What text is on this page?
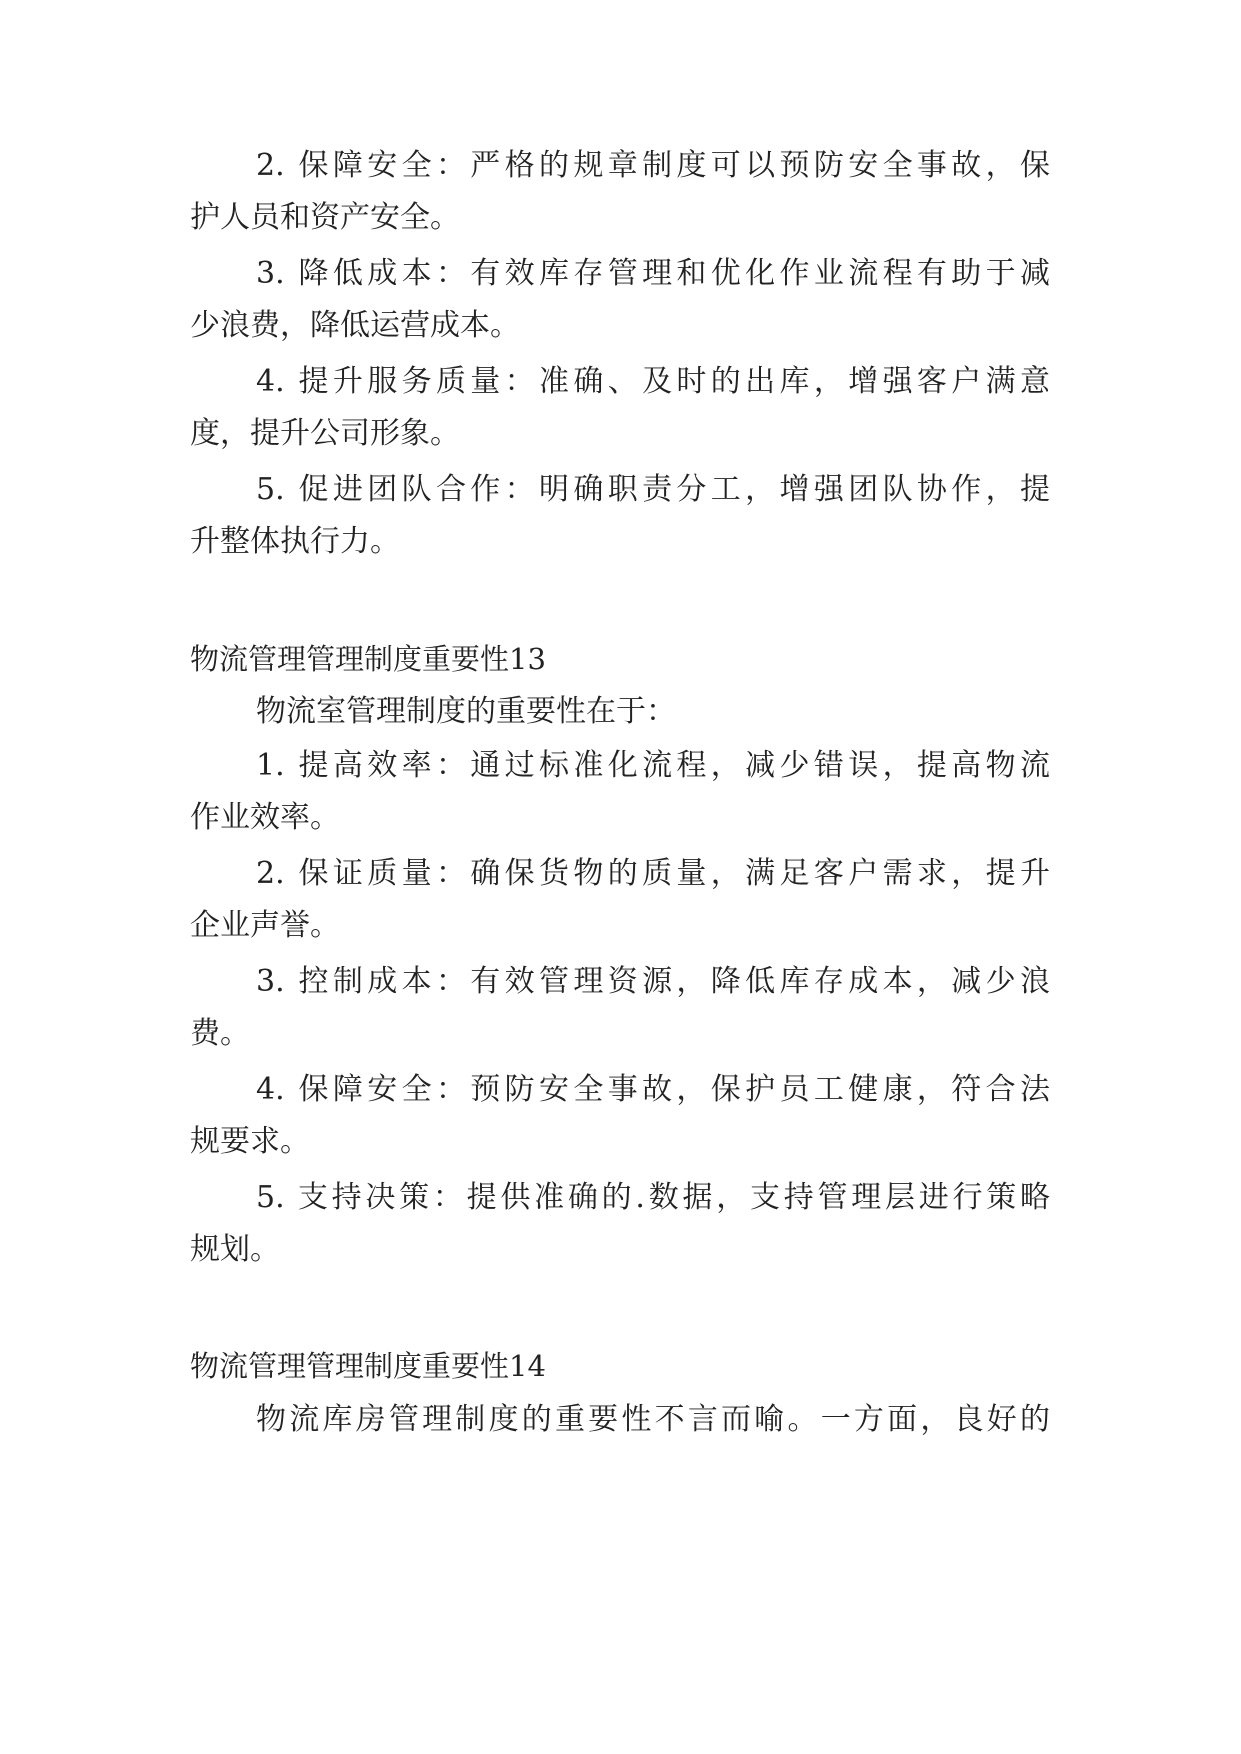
2. 保障安全：严格的规章制度可以预防安全事故，保
护人员和资产安全。
3. 降低成本：有效库存管理和优化作业流程有助于减
少浪费，降低运营成本。
4. 提升服务质量：准确、及时的出库，增强客户满意
度，提升公司形象。
5. 促进团队合作：明确职责分工，增强团队协作，提
升整体执行力。
物流管理管理制度重要性13
物流室管理制度的重要性在于：
1. 提高效率：通过标准化流程，减少错误，提高物流
作业效率。
2. 保证质量：确保货物的质量，满足客户需求，提升
企业声誉。
3. 控制成本：有效管理资源，降低库存成本，减少浪
费。
4. 保障安全：预防安全事故，保护员工健康，符合法
规要求。
5. 支持决策：提供准确的.数据，支持管理层进行策略
规划。
物流管理管理制度重要性14
物流库房管理制度的重要性不言而喻。一方面，良好的
